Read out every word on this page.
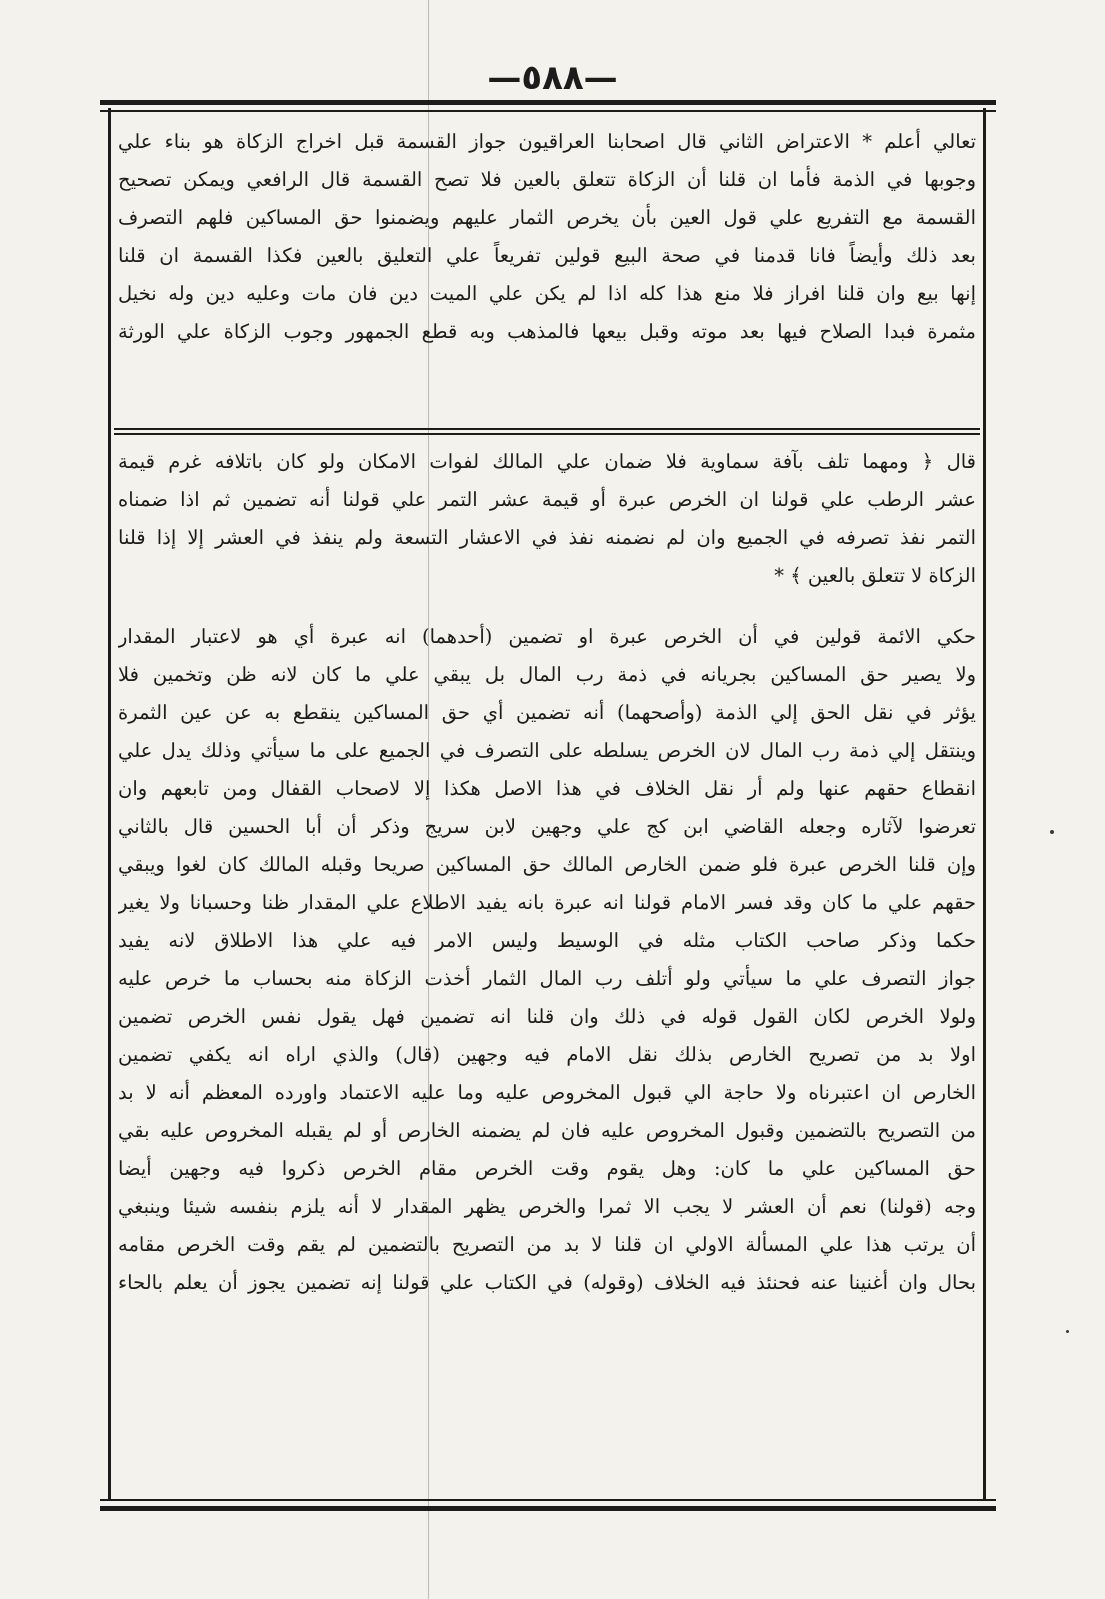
—٥٨٨—
تعالي أعلم * الاعتراض الثاني قال اصحابنا العراقيون جواز القسمة قبل اخراج الزكاة هو بناء علي
وجوبها في الذمة فأما ان قلنا أن الزكاة تتعلق بالعين فلا تصح القسمة قال الرافعي ويمكن تصحيح
القسمة مع التفريع علي قول العين بأن يخرص الثمار عليهم ويضمنوا حق المساكين فلهم التصرف
بعد ذلك وأيضاً فانا قدمنا في صحة البيع قولين تفريعاً علي التعليق بالعين فكذا القسمة ان قلنا
إنها بيع وان قلنا افراز فلا منع هذا كله اذا لم يكن علي الميت دين فان مات وعليه دين وله نخيل
مثمرة فبدا الصلاح فيها بعد موته وقبل بيعها فالمذهب وبه قطع الجمهور وجوب الزكاة علي الورثة
قال ﴿ ومهما تلف بآفة سماوية فلا ضمان علي المالك لفوات الامكان ولو كان باتلافه غرم قيمة
عشر الرطب علي قولنا ان الخرص عبرة أو قيمة عشر التمر علي قولنا أنه تضمين ثم اذا ضمناه
التمر نفذ تصرفه في الجميع وان لم نضمنه نفذ في الاعشار التسعة ولم ينفذ في العشر إلا إذا قلنا
الزكاة لا تتعلق بالعين ﴾ *
حكي الائمة قولين في أن الخرص عبرة او تضمين (أحدهما) انه عبرة أي هو لاعتبار المقدار
ولا يصير حق المساكين بجريانه في ذمة رب المال بل يبقي علي ما كان لانه ظن وتخمين فلا
يؤثر في نقل الحق إلي الذمة (وأصحهما) أنه تضمين أي حق المساكين ينقطع به عن عين الثمرة
وينتقل إلي ذمة رب المال لان الخرص يسلطه على التصرف في الجميع على ما سيأتي وذلك يدل علي
انقطاع حقهم عنها ولم أر نقل الخلاف في هذا الاصل هكذا إلا لاصحاب القفال ومن تابعهم وان
تعرضوا لآثاره وجعله القاضي ابن كج علي وجهين لابن سريج وذكر أن أبا الحسين قال بالثاني
وإن قلنا الخرص عبرة فلو ضمن الخارص المالك حق المساكين صريحا وقبله المالك كان لغوا ويبقي
حقهم علي ما كان وقد فسر الامام قولنا انه عبرة بانه يفيد الاطلاع علي المقدار ظنا وحسبانا ولا يغير
حكما وذكر صاحب الكتاب مثله في الوسيط وليس الامر فيه علي هذا الاطلاق لانه يفيد
جواز التصرف علي ما سيأتي ولو أتلف رب المال الثمار أخذت الزكاة منه بحساب ما خرص عليه
ولولا الخرص لكان القول قوله في ذلك وان قلنا انه تضمين فهل يقول نفس الخرص تضمين
اولا بد من تصريح الخارص بذلك نقل الامام فيه وجهين (قال) والذي اراه انه يكفي تضمين
الخارص ان اعتبرناه ولا حاجة الي قبول المخروص عليه وما عليه الاعتماد واورده المعظم أنه لا بد
من التصريح بالتضمين وقبول المخروص عليه فان لم يضمنه الخارص أو لم يقبله المخروص عليه بقي
حق المساكين علي ما كان: وهل يقوم وقت الخرص مقام الخرص ذكروا فيه وجهين أيضا
وجه (قولنا) نعم أن العشر لا يجب الا ثمرا والخرص يظهر المقدار لا أنه يلزم بنفسه شيئا وينبغي
أن يرتب هذا علي المسألة الاولي ان قلنا لا بد من التصريح بالتضمين لم يقم وقت الخرص مقامه
بحال وان أغنينا عنه فحنئذ فيه الخلاف (وقوله) في الكتاب علي قولنا إنه تضمين يجوز أن يعلم بالحاء
